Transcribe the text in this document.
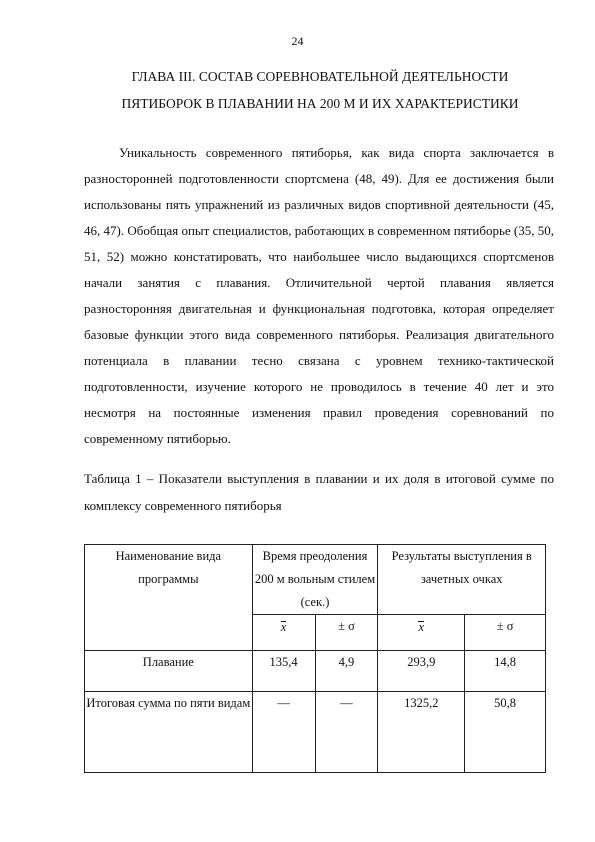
24
ГЛАВА III. СОСТАВ СОРЕВНОВАТЕЛЬНОЙ ДЕЯТЕЛЬНОСТИ
ПЯТИБОРОК В ПЛАВАНИИ НА 200 М И ИХ ХАРАКТЕРИСТИКИ

Уникальность современного пятиборья, как вида спорта заключается в разносторонней подготовленности спортсмена (48, 49). Для ее достижения были использованы пять упражнений из различных видов спортивной деятельности (45, 46, 47). Обобщая опыт специалистов, работающих в современном пятиборье (35, 50, 51, 52) можно констатировать, что наибольшее число выдающихся спортсменов начали занятия с плавания. Отличительной чертой плавания является разносторонняя двигательная и функциональная подготовка, которая определяет базовые функции этого вида современного пятиборья. Реализация двигательного потенциала в плавании тесно связана с уровнем технико-тактической подготовленности, изучение которого не проводилось в течение 40 лет и это несмотря на постоянные изменения правил проведения соревнований по современному пятиборью.

Таблица 1 – Показатели выступления в плавании и их доля в итоговой сумме по комплексу современного пятиборья

Наименование вида программы	Время преодоления 200 м вольным стилем (сек.)		Результаты выступления в зачетных очках	
	x	± σ	x	± σ
Плавание	135,4	4,9	293,9	14,8
Итоговая сумма по пяти видам	—	—	1325,2	50,8
